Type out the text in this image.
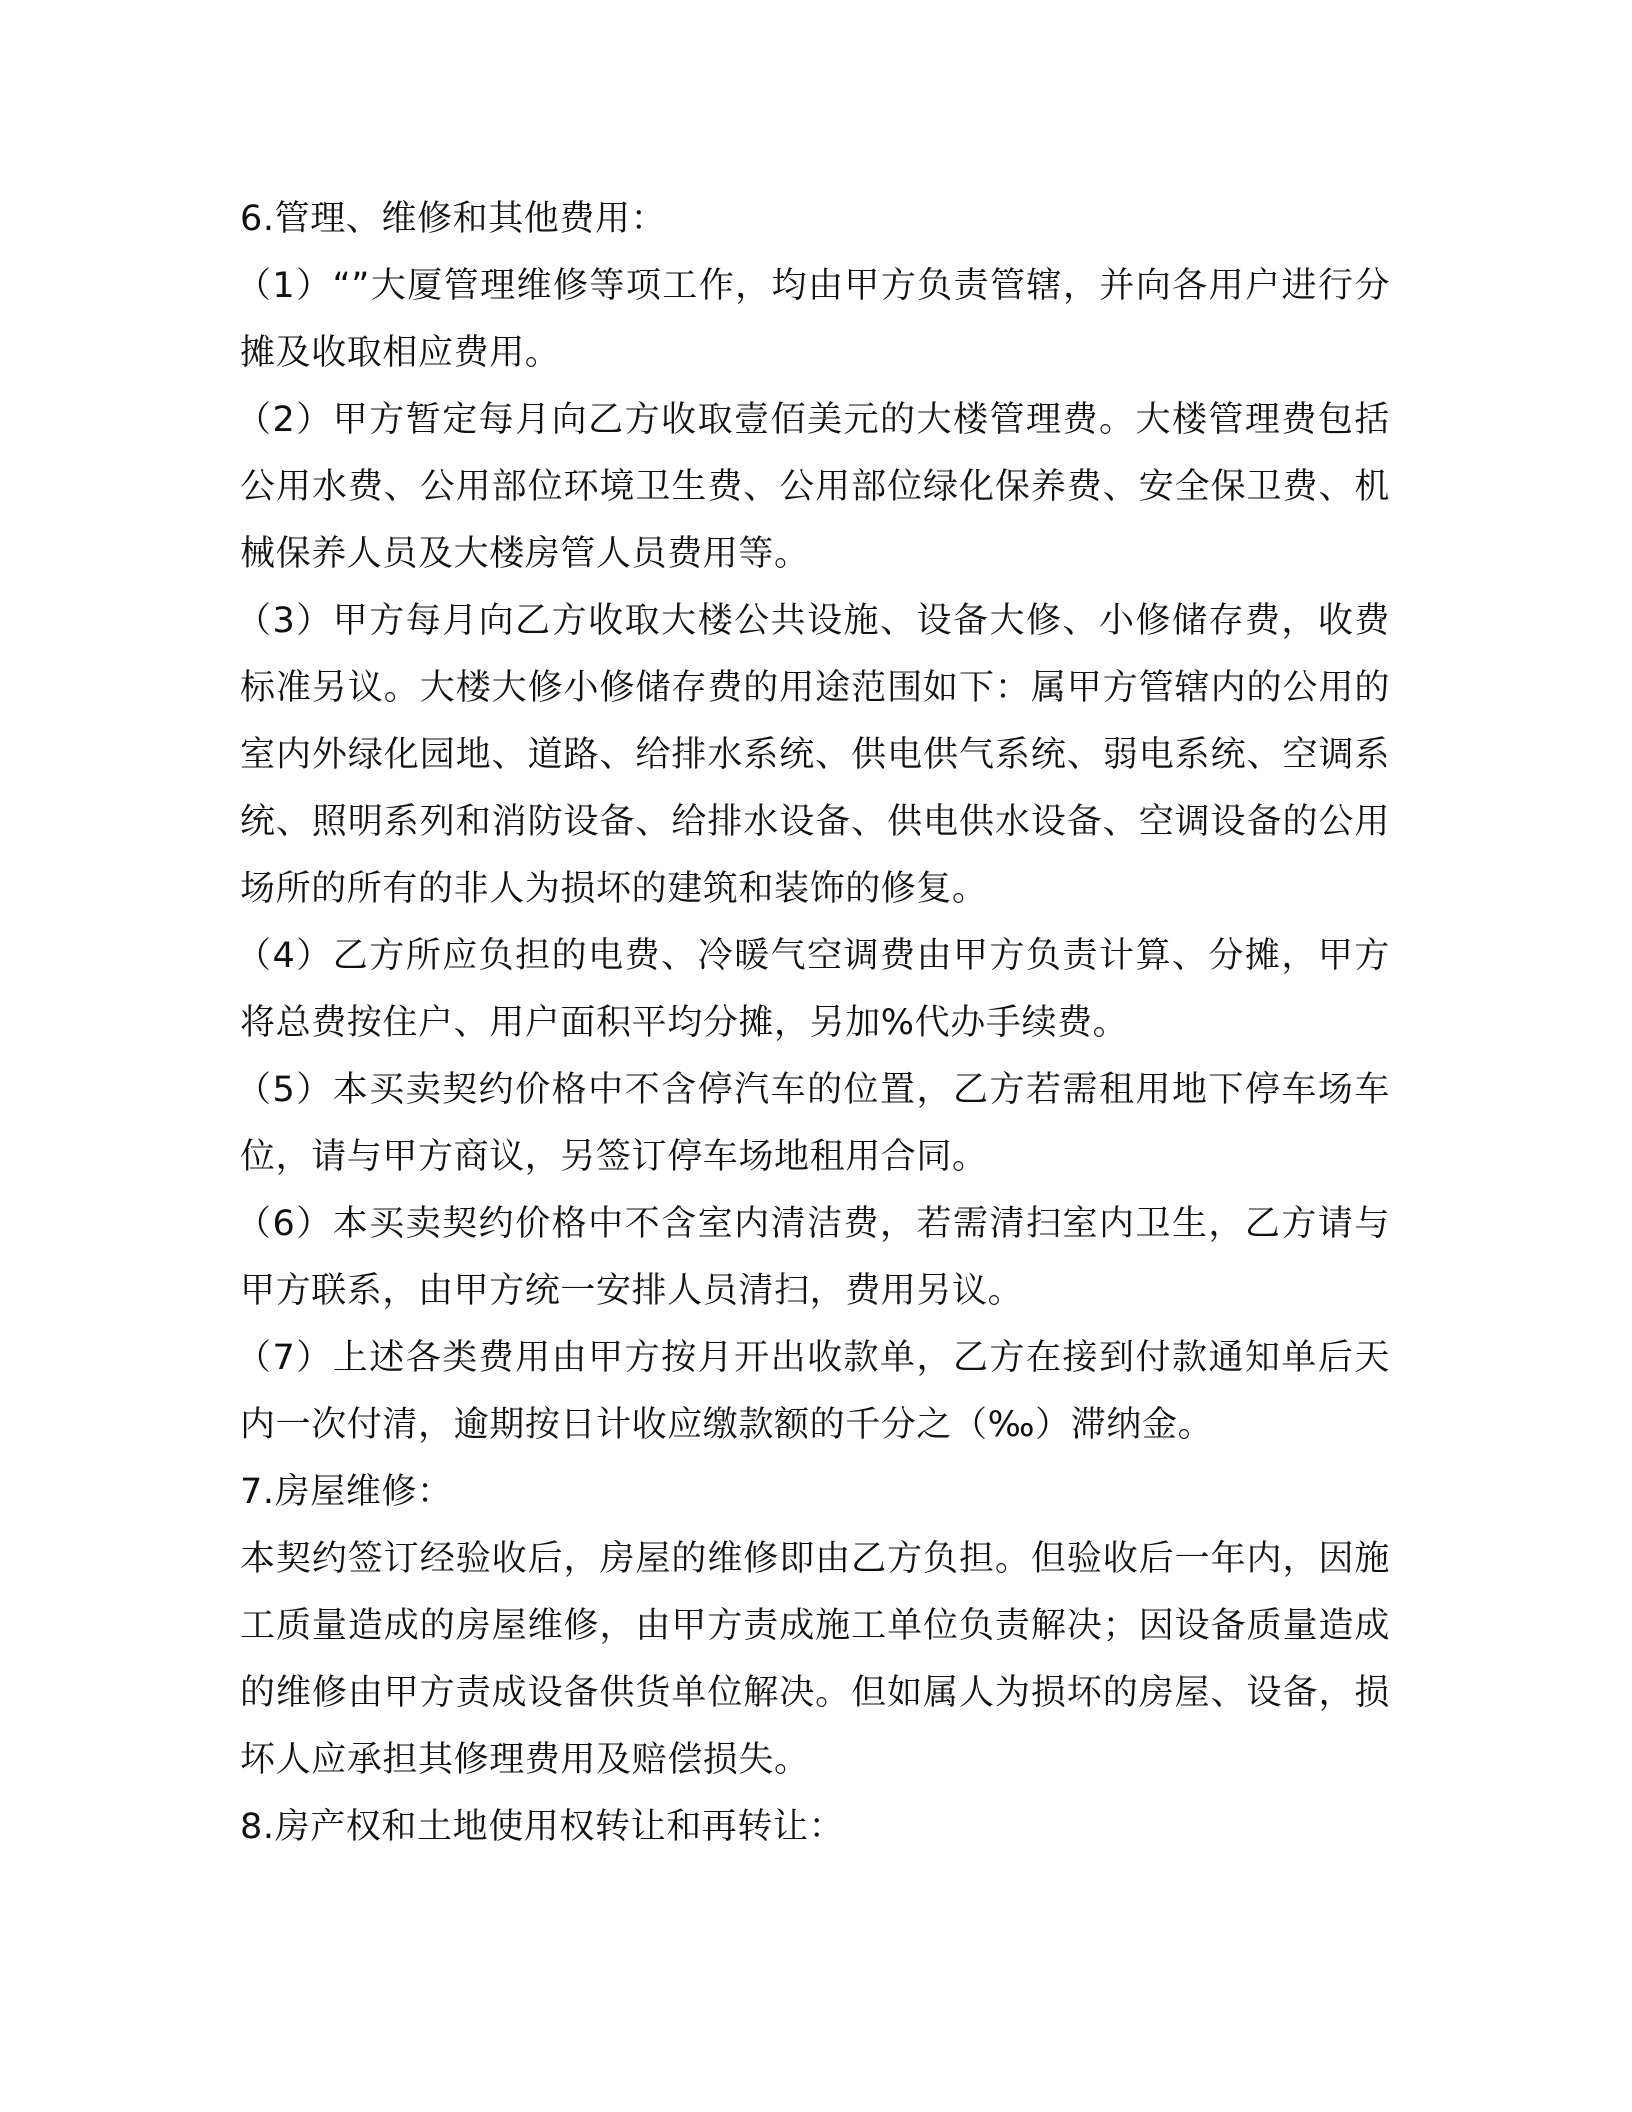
6.管理、维修和其他费用：

（1）“”大厦管理维修等项工作，均由甲方负责管辖，并向各用户进行分摊及收取相应费用。

（2）甲方暂定每月向乙方收取壹佰美元的大楼管理费。大楼管理费包括公用水费、公用部位环境卫生费、公用部位绿化保养费、安全保卫费、机械保养人员及大楼房管人员费用等。

（3）甲方每月向乙方收取大楼公共设施、设备大修、小修储存费，收费标准另议。大楼大修小修储存费的用途范围如下：属甲方管辖内的公用的室内外绿化园地、道路、给排水系统、供电供气系统、弱电系统、空调系统、照明系列和消防设备、给排水设备、供电供水设备、空调设备的公用场所的所有的非人为损坏的建筑和装饰的修复。

（4）乙方所应负担的电费、冷暖气空调费由甲方负责计算、分摊，甲方将总费按住户、用户面积平均分摊，另加%代办手续费。

（5）本买卖契约价格中不含停汽车的位置，乙方若需租用地下停车场车位，请与甲方商议，另签订停车场地租用合同。

（6）本买卖契约价格中不含室内清洁费，若需清扫室内卫生，乙方请与甲方联系，由甲方统一安排人员清扫，费用另议。

（7）上述各类费用由甲方按月开出收款单，乙方在接到付款通知单后天内一次付清，逾期按日计收应缴款额的千分之（‰）滞纳金。

7.房屋维修：

本契约签订经验收后，房屋的维修即由乙方负担。但验收后一年内，因施工质量造成的房屋维修，由甲方责成施工单位负责解决；因设备质量造成的维修由甲方责成设备供货单位解决。但如属人为损坏的房屋、设备，损坏人应承担其修理费用及赔偿损失。

8.房产权和土地使用权转让和再转让：
